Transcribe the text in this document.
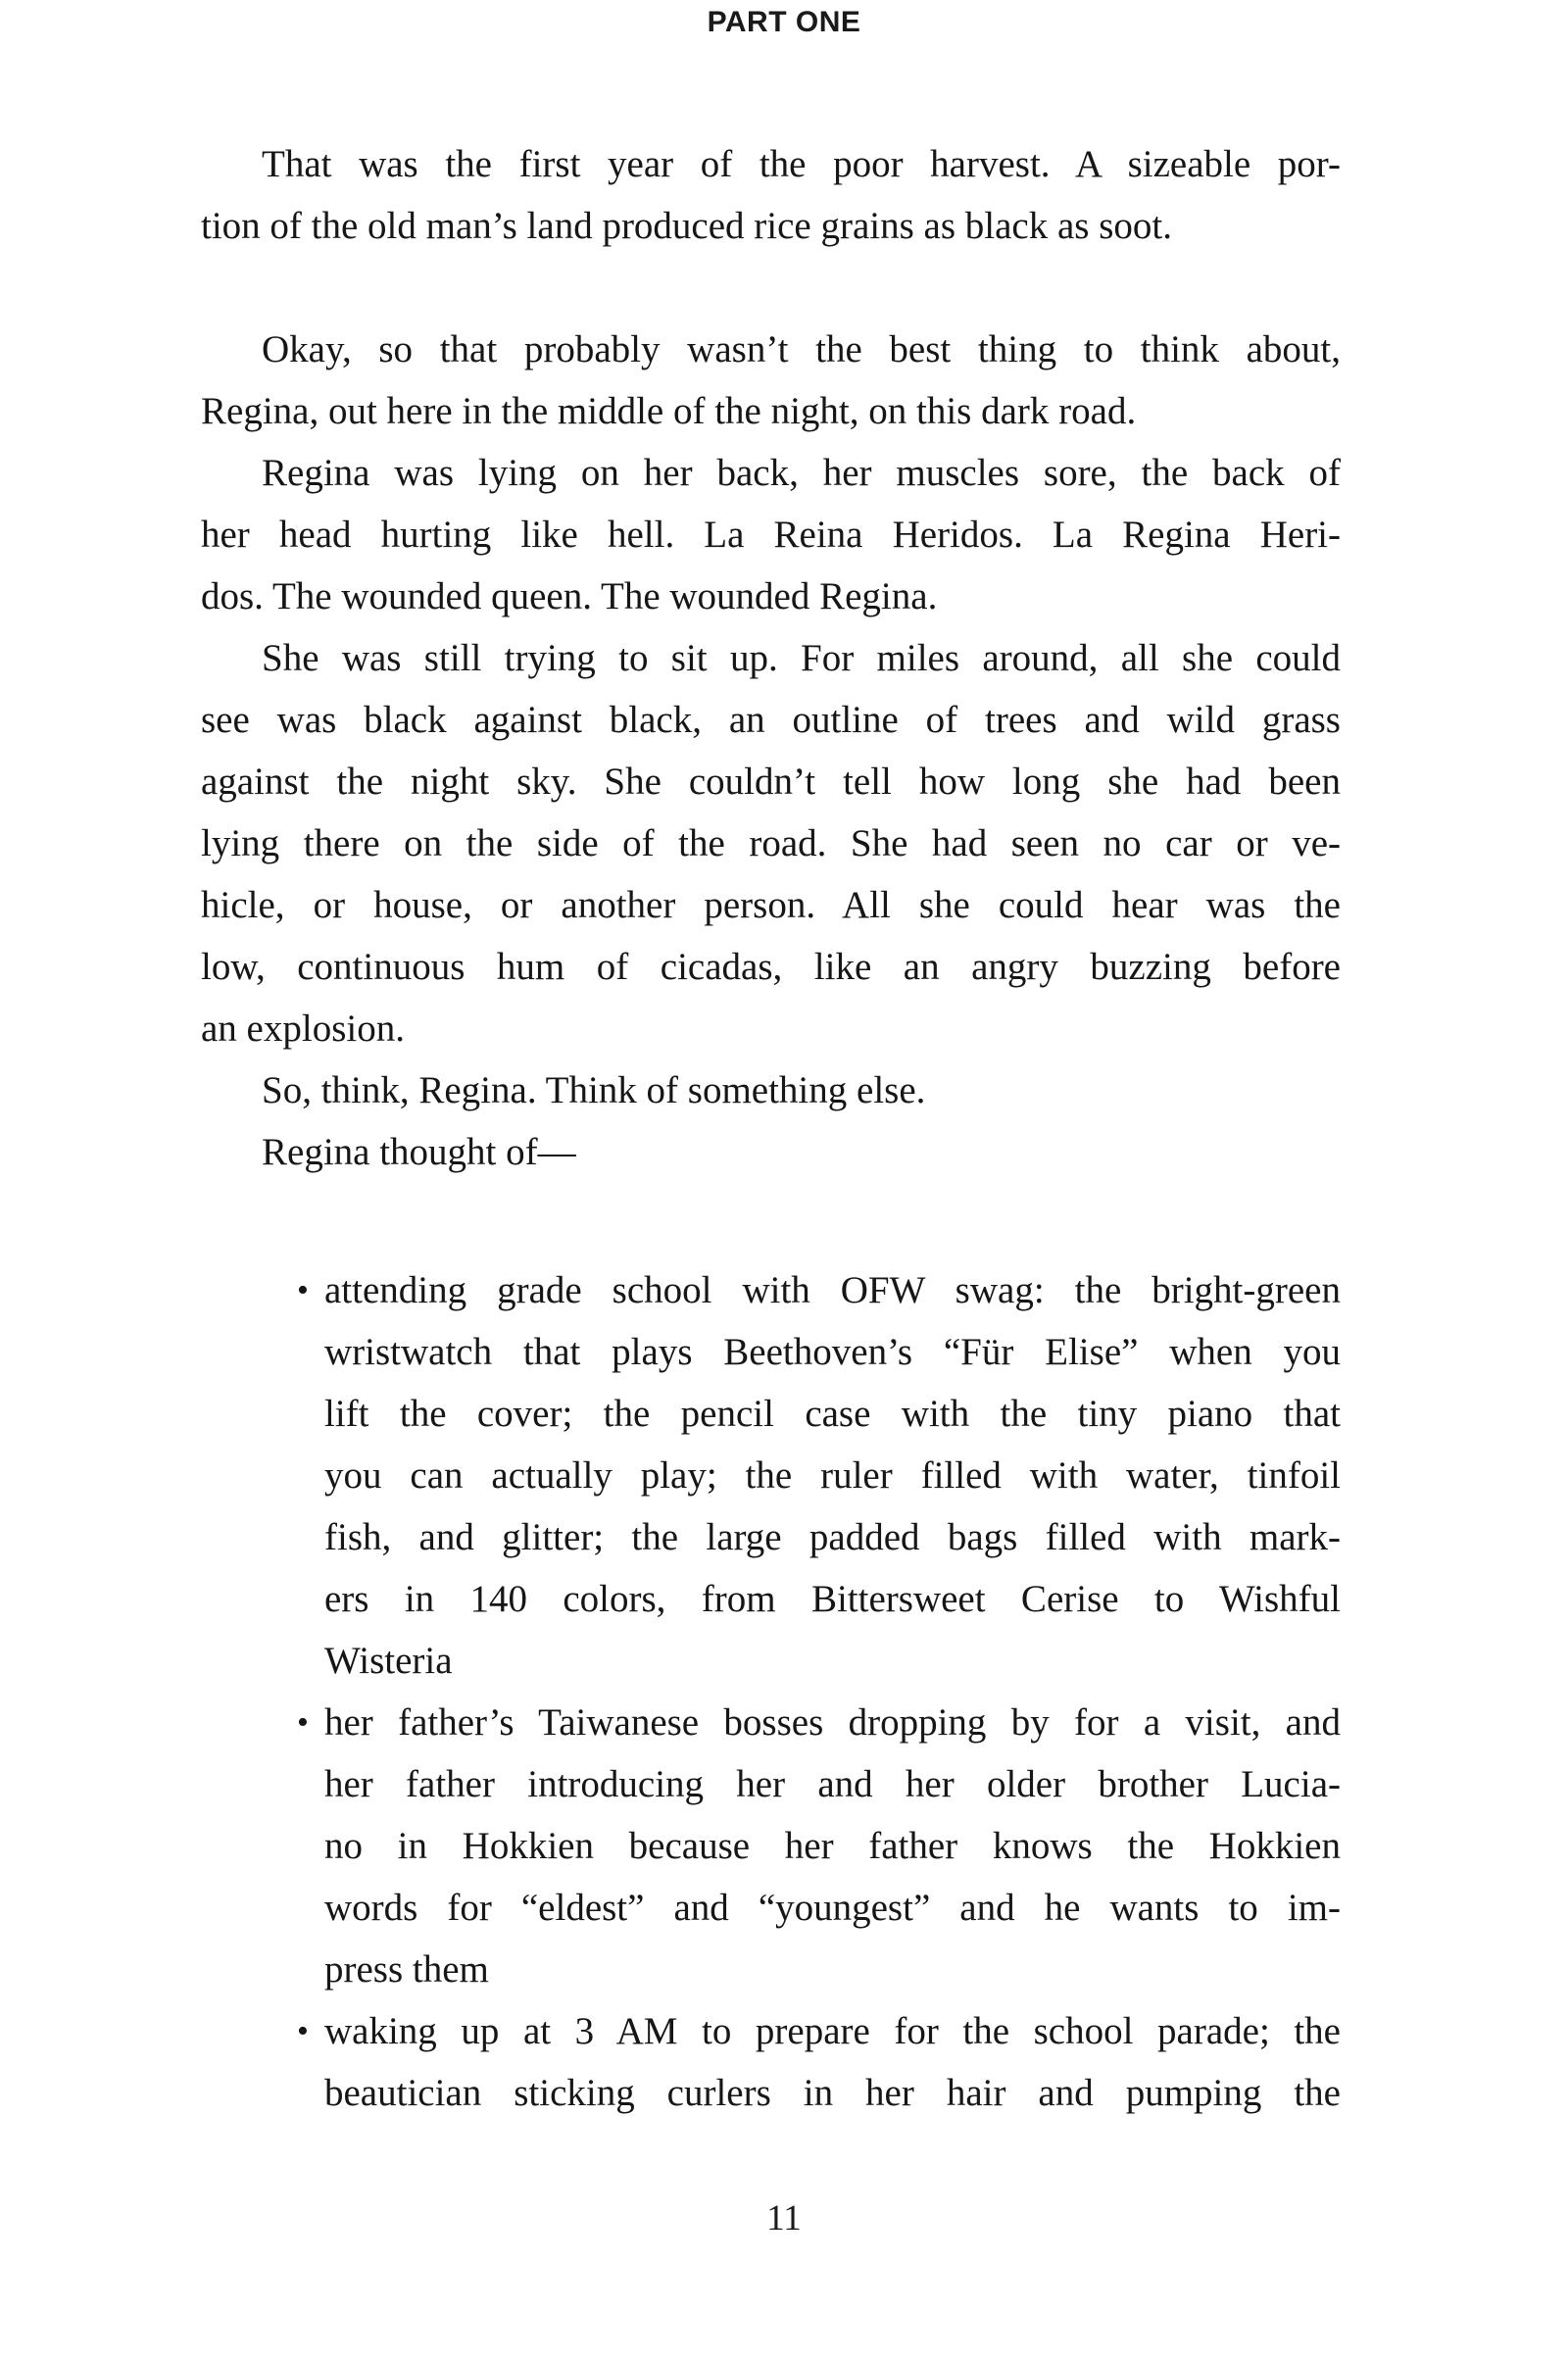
PART ONE

That was the first year of the poor harvest. A sizeable por-
tion of the old man’s land produced rice grains as black as soot.

Okay, so that probably wasn’t the best thing to think about,
Regina, out here in the middle of the night, on this dark road.

Regina was lying on her back, her muscles sore, the back of
her head hurting like hell. La Reina Heridos. La Regina Heri-
dos. The wounded queen. The wounded Regina.

She was still trying to sit up. For miles around, all she could
see was black against black, an outline of trees and wild grass
against the night sky. She couldn’t tell how long she had been
lying there on the side of the road. She had seen no car or ve-
hicle, or house, or another person. All she could hear was the
low, continuous hum of cicadas, like an angry buzzing before
an explosion.

So, think, Regina. Think of something else.

Regina thought of—

• attending grade school with OFW swag: the bright-green
wristwatch that plays Beethoven’s “Für Elise” when you
lift the cover; the pencil case with the tiny piano that
you can actually play; the ruler filled with water, tinfoil
fish, and glitter; the large padded bags filled with mark-
ers in 140 colors, from Bittersweet Cerise to Wishful
Wisteria
• her father’s Taiwanese bosses dropping by for a visit, and
her father introducing her and her older brother Lucia-
no in Hokkien because her father knows the Hokkien
words for “eldest” and “youngest” and he wants to im-
press them
• waking up at 3 AM to prepare for the school parade; the
beautician sticking curlers in her hair and pumping the
11
